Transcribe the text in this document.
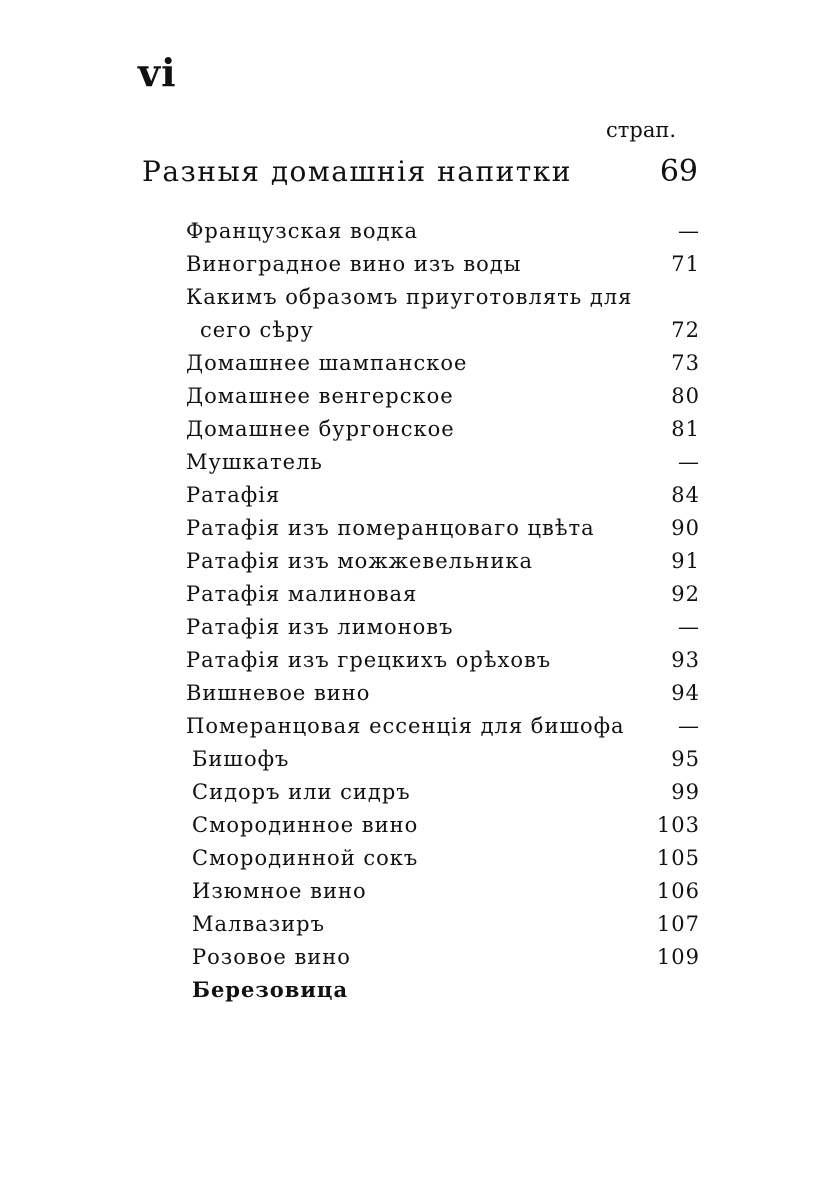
vi
страп.
Разныя домашнія напитки	69
Французская водка	—
Виноградное вино изъ воды	71
Какимъ образомъ приуготовлять для
сего сѣру	72
Домашнее шампанское	73
Домашнее венгерское	80
Домашнее бургонское	81
Мушкатель	—
Ратафія	84
Ратафія изъ померанцоваго цвѣта	90
Ратафія изъ можжевельника	91
Ратафія малиновая	92
Ратафія изъ лимоновъ	—
Ратафія изъ грецкихъ орѣховъ	93
Вишневое вино	94
Померанцовая ессенція для бишофа	—
Бишофъ	95
Сидоръ или сидръ	99
Смородинное вино	103
Смородинной сокъ	105
Изюмное вино	106
Малвазиръ	107
Розовое вино	109
Березовица
